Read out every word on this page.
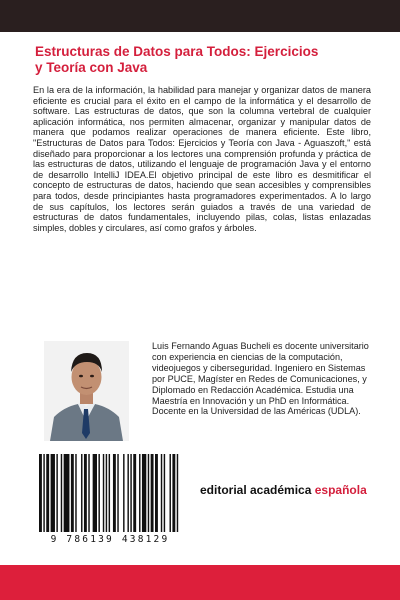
Estructuras de Datos para Todos: Ejercicios
y Teoría con Java

En la era de la información, la habilidad para manejar y organizar datos de manera eficiente es crucial para el éxito en el campo de la informática y el desarrollo de software. Las estructuras de datos, que son la columna vertebral de cualquier aplicación informática, nos permiten almacenar, organizar y manipular datos de manera que podamos realizar operaciones de manera eficiente. Este libro, "Estructuras de Datos para Todos: Ejercicios y Teoría con Java - Aguaszoft," está diseñado para proporcionar a los lectores una comprensión profunda y práctica de las estructuras de datos, utilizando el lenguaje de programación Java y el entorno de desarrollo IntelliJ IDEA.El objetivo principal de este libro es desmitificar el concepto de estructuras de datos, haciendo que sean accesibles y comprensibles para todos, desde principiantes hasta programadores experimentados. A lo largo de sus capítulos, los lectores serán guiados a través de una variedad de estructuras de datos fundamentales, incluyendo pilas, colas, listas enlazadas simples, dobles y circulares, así como grafos y árboles.

Luis Fernando Aguas Bucheli es docente universitario con experiencia en ciencias de la computación, videojuegos y ciberseguridad. Ingeniero en Sistemas por PUCE, Magíster en Redes de Comunicaciones, y Diplomado en Redacción Académica. Estudia una Maestría en Innovación y un PhD en Informática. Docente en la Universidad de las Américas (UDLA).

9 786139 438129
editorial académica española
